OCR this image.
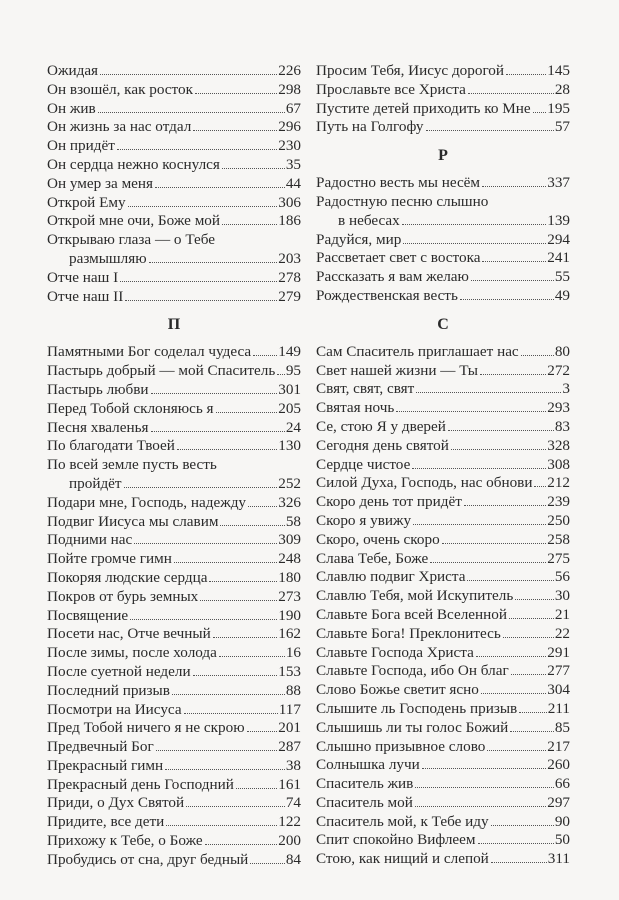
Ожидая	226
Он взошёл, как росток	298
Он жив	67
Он жизнь за нас отдал	296
Он придёт	230
Он сердца нежно коснулся	35
Он умер за меня	44
Открой Ему	306
Открой мне очи, Боже мой	186
Открываю глаза — о Тебе
размышляю	203
Отче наш I	278
Отче наш II	279
П
Памятными Бог соделал чудеса 149
Пастырь добрый — мой Спаситель 95
Пастырь любви	301
Перед Тобой склоняюсь я	205
Песня хваленья	24
По благодати Твоей	130
По всей земле пусть весть
пройдёт	252
Подари мне, Господь, надежду 326
Подвиг Иисуса мы славим	58
Подними нас	309
Пойте громче гимн	248
Покоряя людские сердца	180
Покров от бурь земных	273
Посвящение	190
Посети нас, Отче вечный	162
После зимы, после холода	16
После суетной недели	153
Последний призыв	88
Посмотри на Иисуса	117
Пред Тобой ничего я не скрою 201
Предвечный Бог	287
Прекрасный гимн	38
Прекрасный день Господний	161
Приди, о Дух Святой	74
Придите, все дети	122
Прихожу к Тебе, о Боже	200
Пробудись от сна, друг бедный 84
Просим Тебя, Иисус дорогой	145
Прославьте все Христа	28
Пустите детей приходить ко Мне 195
Путь на Голгофу	57
Р
Радостно весть мы несём	337
Радостную песню слышно
в небесах	139
Радуйся, мир	294
Рассветает свет с востока	241
Рассказать я вам желаю	55
Рождественская весть	49
С
Сам Спаситель приглашает нас 80
Свет нашей жизни — Ты	272
Свят, свят, свят	3
Святая ночь	293
Се, стою Я у дверей	83
Сегодня день святой	328
Сердце чистое	308
Силой Духа, Господь, нас обнови 212
Скоро день тот придёт	239
Скоро я увижу	250
Скоро, очень скоро	258
Слава Тебе, Боже	275
Славлю подвиг Христа	56
Славлю Тебя, мой Искупитель	30
Славьте Бога всей Вселенной	21
Славьте Бога! Преклонитесь	22
Славьте Господа Христа	291
Славьте Господа, ибо Он благ	277
Слово Божье светит ясно	304
Слышите ль Господень призыв 211
Слышишь ли ты голос Божий	85
Слышно призывное слово	217
Солнышка лучи	260
Спаситель жив	66
Спаситель мой	297
Спаситель мой, к Тебе иду	90
Спит спокойно Вифлеем	50
Стою, как нищий и слепой	311
